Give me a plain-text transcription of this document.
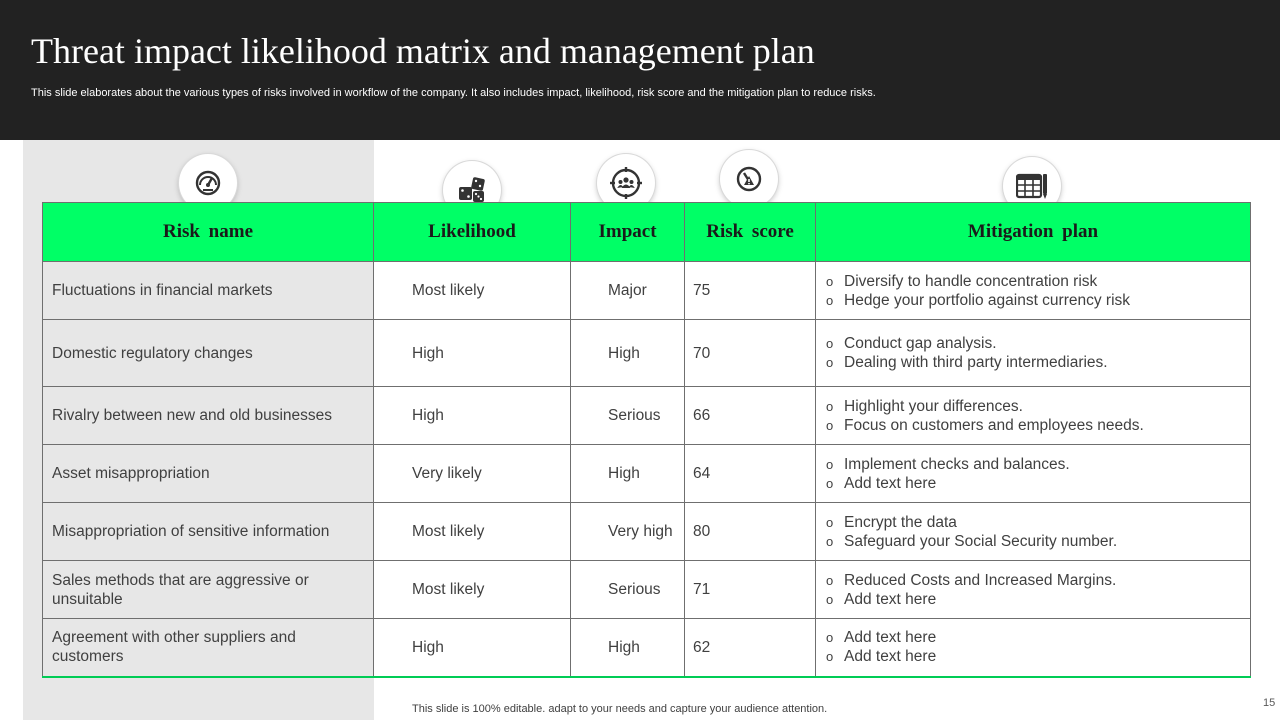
Threat impact likelihood matrix and management plan
This slide elaborates about the various types of risks involved in workflow of the company. It also includes impact, likelihood, risk score and the mitigation plan to reduce risks.
Risk name	Likelihood	Impact	Risk score	Mitigation plan
Fluctuations in financial markets	Most likely	Major	75	o Diversify to handle concentration risk
o Hedge your portfolio against currency risk

Domestic regulatory changes	High	High	70	o Conduct gap analysis.
o Dealing with third party intermediaries.

Rivalry between new and old businesses	High	Serious	66	o Highlight your differences.
o Focus on customers and employees needs.

Asset misappropriation	Very likely	High	64	o Implement checks and balances.
o Add text here

Misappropriation of sensitive information	Most likely	Very high	80	o Encrypt the data
o Safeguard your Social Security number.

Sales methods that are aggressive or unsuitable	Most likely	Serious	71	o Reduced Costs and Increased Margins.
o Add text here

Agreement with other suppliers and customers	High	High	62	o Add text here
o Add text here
This slide is 100% editable. adapt to your needs and capture your audience attention.	15
